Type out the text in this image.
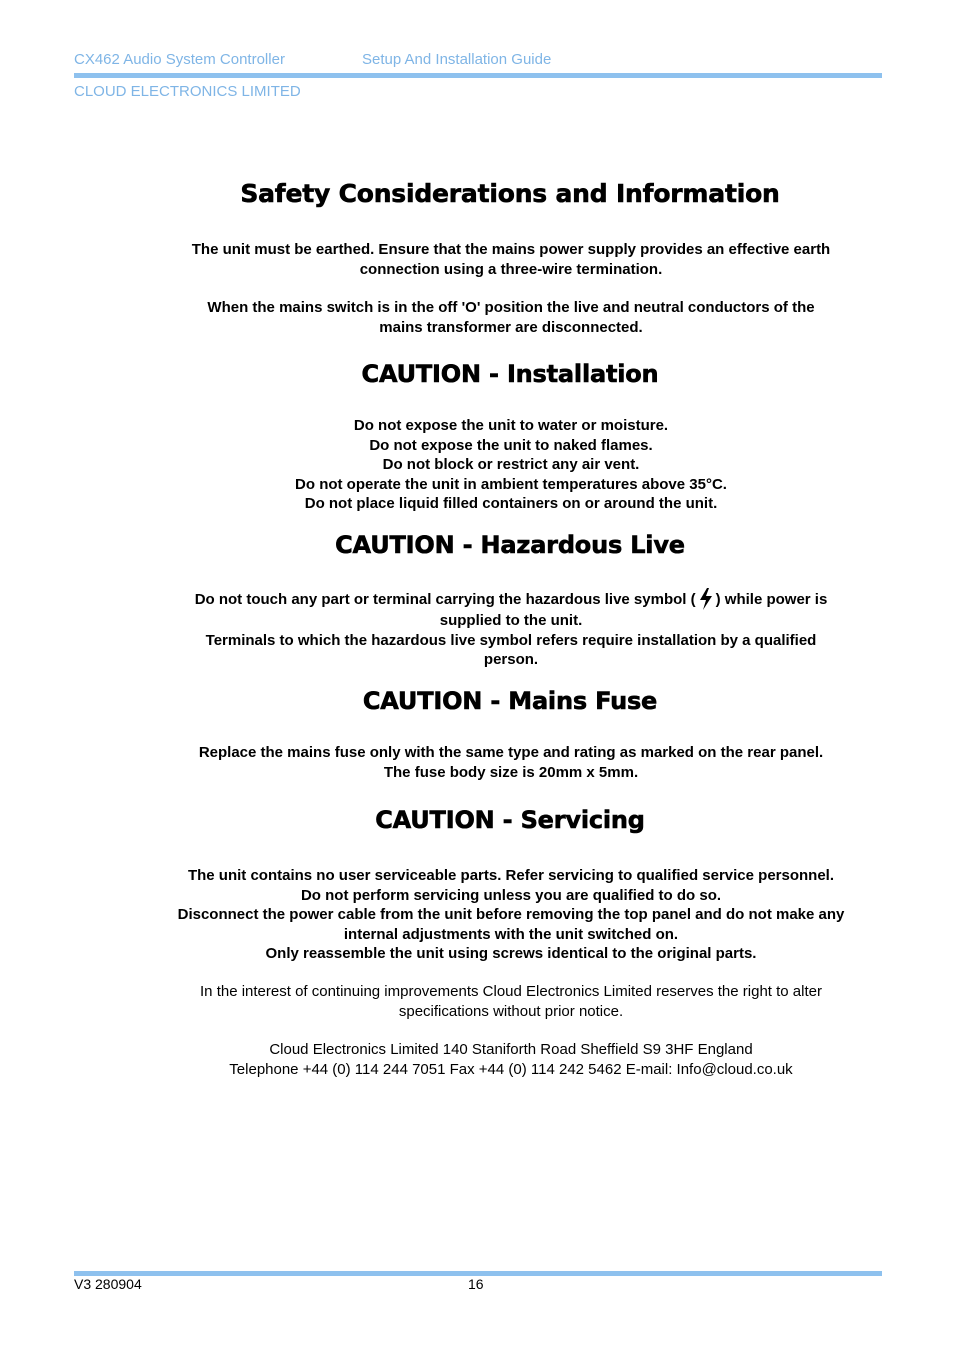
CX462 Audio System Controller	Setup And Installation Guide
CLOUD ELECTRONICS LIMITED
Safety Considerations and Information
The unit must be earthed. Ensure that the mains power supply provides an effective earth
connection using a three-wire termination.
When the mains switch is in the off 'O' position the live and neutral conductors of the
mains transformer are disconnected.
CAUTION - Installation
Do not expose the unit to water or moisture.
Do not expose the unit to naked flames.
Do not block or restrict any air vent.
Do not operate the unit in ambient temperatures above 35°C.
Do not place liquid filled containers on or around the unit.
CAUTION - Hazardous Live
Do not touch any part or terminal carrying the hazardous live symbol ( ) while power is
supplied to the unit.
Terminals to which the hazardous live symbol refers require installation by a qualified
person.
CAUTION - Mains Fuse
Replace the mains fuse only with the same type and rating as marked on the rear panel.
The fuse body size is 20mm x 5mm.
CAUTION - Servicing
The unit contains no user serviceable parts. Refer servicing to qualified service personnel.
Do not perform servicing unless you are qualified to do so.
Disconnect the power cable from the unit before removing the top panel and do not make any
internal adjustments with the unit switched on.
Only reassemble the unit using screws identical to the original parts.
In the interest of continuing improvements Cloud Electronics Limited reserves the right to alter
specifications without prior notice.
Cloud Electronics Limited 140 Staniforth Road Sheffield S9 3HF England
Telephone +44 (0) 114 244 7051 Fax +44 (0) 114 242 5462 E-mail: Info@cloud.co.uk
V3 280904	16
